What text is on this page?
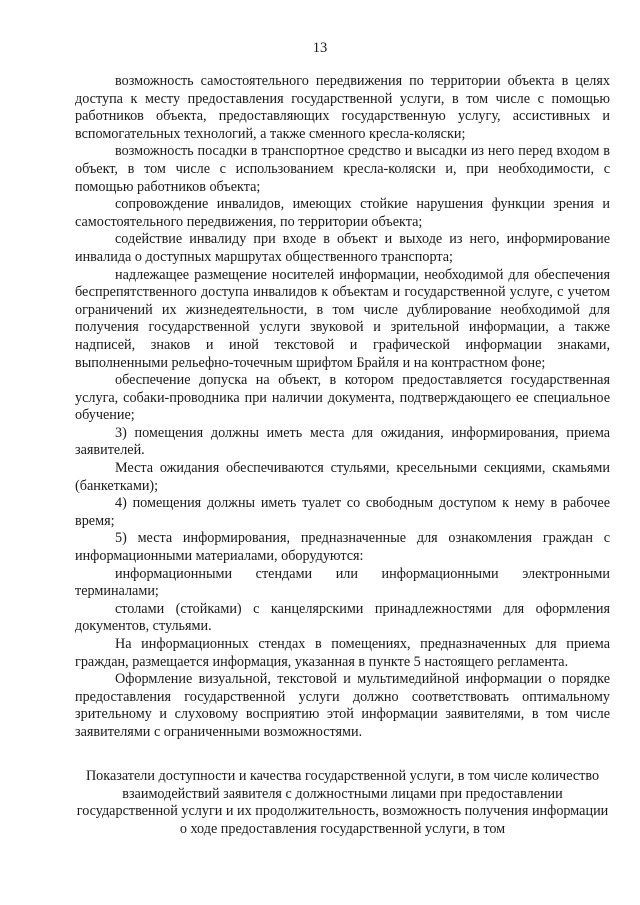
13

возможность самостоятельного передвижения по территории объекта в целях доступа к месту предоставления государственной услуги, в том числе с помощью работников объекта, предоставляющих государственную услугу, ассистивных и вспомогательных технологий, а также сменного кресла-коляски;

возможность посадки в транспортное средство и высадки из него перед входом в объект, в том числе с использованием кресла-коляски и, при необходимости, с помощью работников объекта;

сопровождение инвалидов, имеющих стойкие нарушения функции зрения и самостоятельного передвижения, по территории объекта;

содействие инвалиду при входе в объект и выходе из него, информирование инвалида о доступных маршрутах общественного транспорта;

надлежащее размещение носителей информации, необходимой для обеспечения беспрепятственного доступа инвалидов к объектам и государственной услуге, с учетом ограничений их жизнедеятельности, в том числе дублирование необходимой для получения государственной услуги звуковой и зрительной информации, а также надписей, знаков и иной текстовой и графической информации знаками, выполненными рельефно-точечным шрифтом Брайля и на контрастном фоне;

обеспечение допуска на объект, в котором предоставляется государственная услуга, собаки-проводника при наличии документа, подтверждающего ее специальное обучение;

3) помещения должны иметь места для ожидания, информирования, приема заявителей.

Места ожидания обеспечиваются стульями, кресельными секциями, скамьями (банкетками);

4) помещения должны иметь туалет со свободным доступом к нему в рабочее время;

5) места информирования, предназначенные для ознакомления граждан с информационными материалами, оборудуются:

информационными стендами или информационными электронными терминалами;

столами (стойками) с канцелярскими принадлежностями для оформления документов, стульями.

На информационных стендах в помещениях, предназначенных для приема граждан, размещается информация, указанная в пункте 5 настоящего регламента.

Оформление визуальной, текстовой и мультимедийной информации о порядке предоставления государственной услуги должно соответствовать оптимальному зрительному и слуховому восприятию этой информации заявителями, в том числе заявителями с ограниченными возможностями.

Показатели доступности и качества государственной услуги, в том числе количество взаимодействий заявителя с должностными лицами при предоставлении государственной услуги и их продолжительность, возможность получения информации о ходе предоставления государственной услуги, в том
